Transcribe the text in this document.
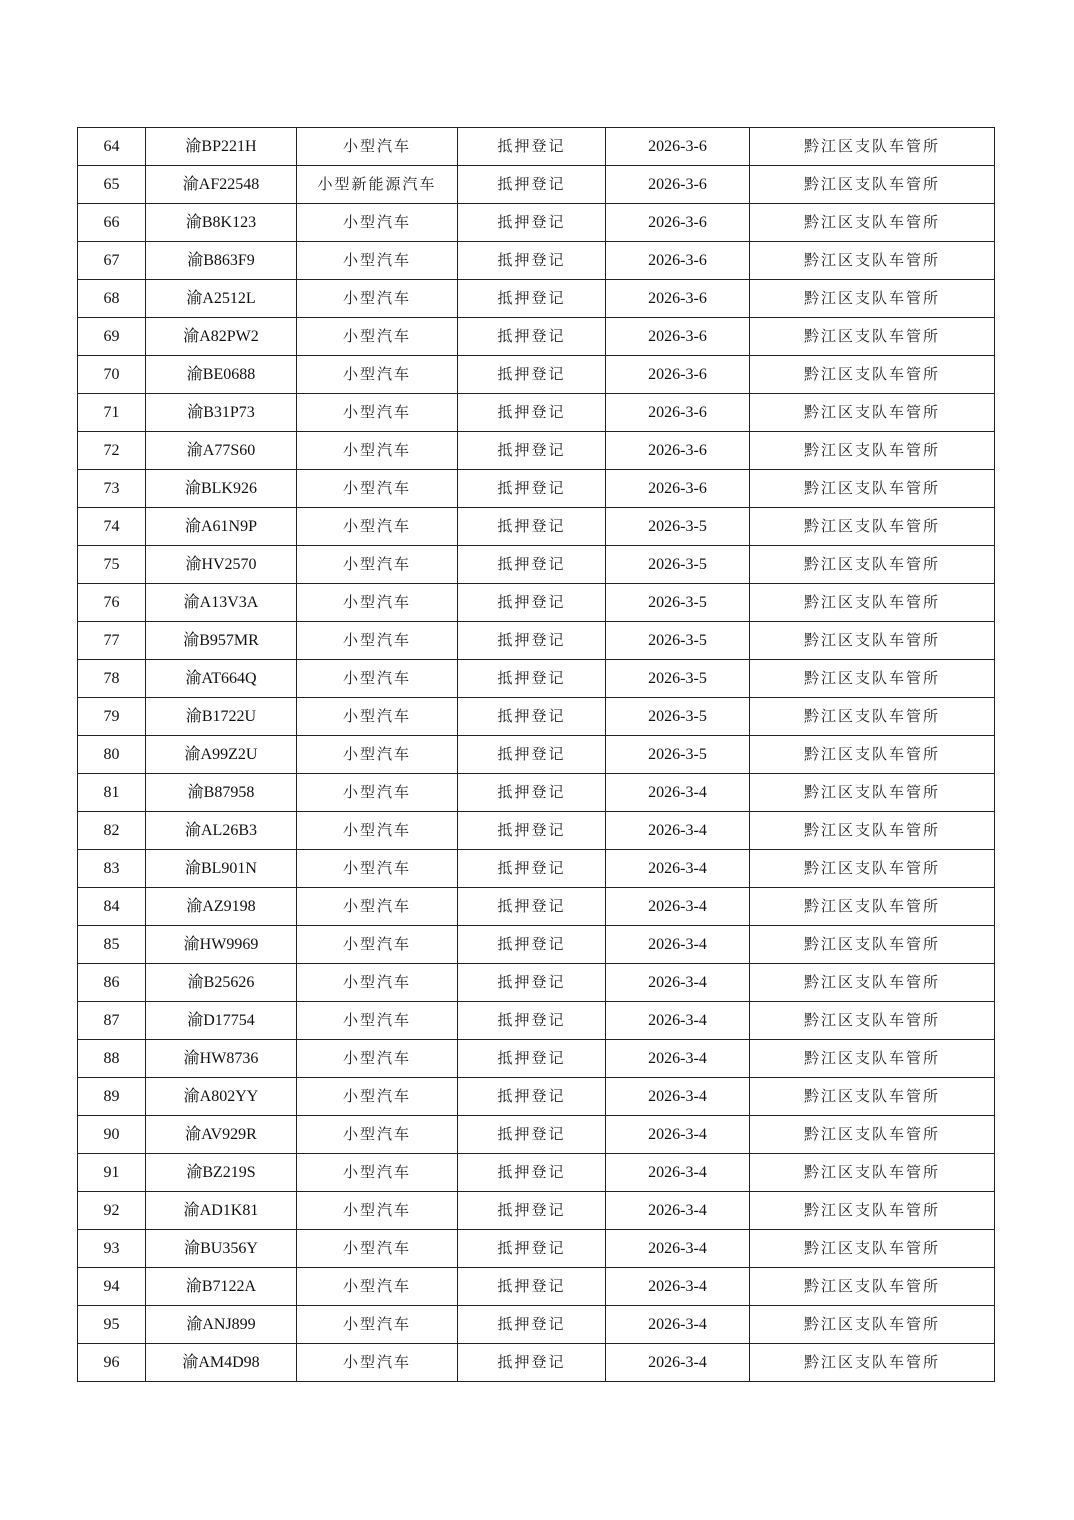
64	渝BP221H	小型汽车	抵押登记	2026-3-6	黔江区支队车管所
65	渝AF22548	小型新能源汽车	抵押登记	2026-3-6	黔江区支队车管所
66	渝B8K123	小型汽车	抵押登记	2026-3-6	黔江区支队车管所
67	渝B863F9	小型汽车	抵押登记	2026-3-6	黔江区支队车管所
68	渝A2512L	小型汽车	抵押登记	2026-3-6	黔江区支队车管所
69	渝A82PW2	小型汽车	抵押登记	2026-3-6	黔江区支队车管所
70	渝BE0688	小型汽车	抵押登记	2026-3-6	黔江区支队车管所
71	渝B31P73	小型汽车	抵押登记	2026-3-6	黔江区支队车管所
72	渝A77S60	小型汽车	抵押登记	2026-3-6	黔江区支队车管所
73	渝BLK926	小型汽车	抵押登记	2026-3-6	黔江区支队车管所
74	渝A61N9P	小型汽车	抵押登记	2026-3-5	黔江区支队车管所
75	渝HV2570	小型汽车	抵押登记	2026-3-5	黔江区支队车管所
76	渝A13V3A	小型汽车	抵押登记	2026-3-5	黔江区支队车管所
77	渝B957MR	小型汽车	抵押登记	2026-3-5	黔江区支队车管所
78	渝AT664Q	小型汽车	抵押登记	2026-3-5	黔江区支队车管所
79	渝B1722U	小型汽车	抵押登记	2026-3-5	黔江区支队车管所
80	渝A99Z2U	小型汽车	抵押登记	2026-3-5	黔江区支队车管所
81	渝B87958	小型汽车	抵押登记	2026-3-4	黔江区支队车管所
82	渝AL26B3	小型汽车	抵押登记	2026-3-4	黔江区支队车管所
83	渝BL901N	小型汽车	抵押登记	2026-3-4	黔江区支队车管所
84	渝AZ9198	小型汽车	抵押登记	2026-3-4	黔江区支队车管所
85	渝HW9969	小型汽车	抵押登记	2026-3-4	黔江区支队车管所
86	渝B25626	小型汽车	抵押登记	2026-3-4	黔江区支队车管所
87	渝D17754	小型汽车	抵押登记	2026-3-4	黔江区支队车管所
88	渝HW8736	小型汽车	抵押登记	2026-3-4	黔江区支队车管所
89	渝A802YY	小型汽车	抵押登记	2026-3-4	黔江区支队车管所
90	渝AV929R	小型汽车	抵押登记	2026-3-4	黔江区支队车管所
91	渝BZ219S	小型汽车	抵押登记	2026-3-4	黔江区支队车管所
92	渝AD1K81	小型汽车	抵押登记	2026-3-4	黔江区支队车管所
93	渝BU356Y	小型汽车	抵押登记	2026-3-4	黔江区支队车管所
94	渝B7122A	小型汽车	抵押登记	2026-3-4	黔江区支队车管所
95	渝ANJ899	小型汽车	抵押登记	2026-3-4	黔江区支队车管所
96	渝AM4D98	小型汽车	抵押登记	2026-3-4	黔江区支队车管所
